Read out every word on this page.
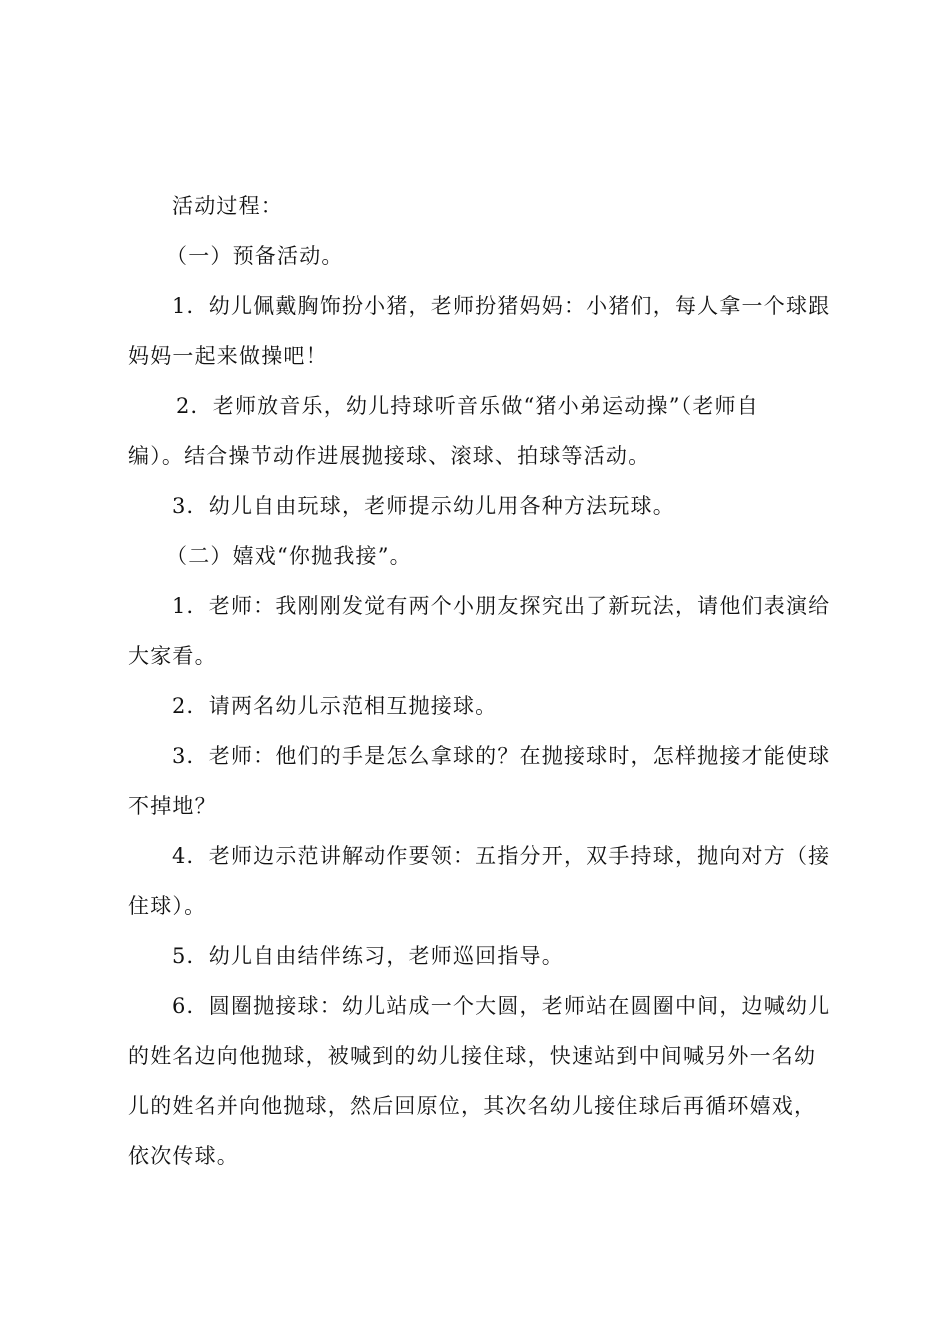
活动过程：
（一）预备活动。
1．幼儿佩戴胸饰扮小猪，老师扮猪妈妈：小猪们，每人拿一个球跟
妈妈一起来做操吧！
2．老师放音乐，幼儿持球听音乐做“猪小弟运动操”（老师自
编）。结合操节动作进展抛接球、滚球、拍球等活动。
3．幼儿自由玩球，老师提示幼儿用各种方法玩球。
（二）嬉戏“你抛我接”。
1．老师：我刚刚发觉有两个小朋友探究出了新玩法，请他们表演给
大家看。
2．请两名幼儿示范相互抛接球。
3．老师：他们的手是怎么拿球的？在抛接球时，怎样抛接才能使球
不掉地？
4．老师边示范讲解动作要领：五指分开，双手持球，抛向对方（接
住球）。
5．幼儿自由结伴练习，老师巡回指导。
6．圆圈抛接球：幼儿站成一个大圆，老师站在圆圈中间，边喊幼儿
的姓名边向他抛球，被喊到的幼儿接住球，快速站到中间喊另外一名幼
儿的姓名并向他抛球，然后回原位，其次名幼儿接住球后再循环嬉戏，
依次传球。
